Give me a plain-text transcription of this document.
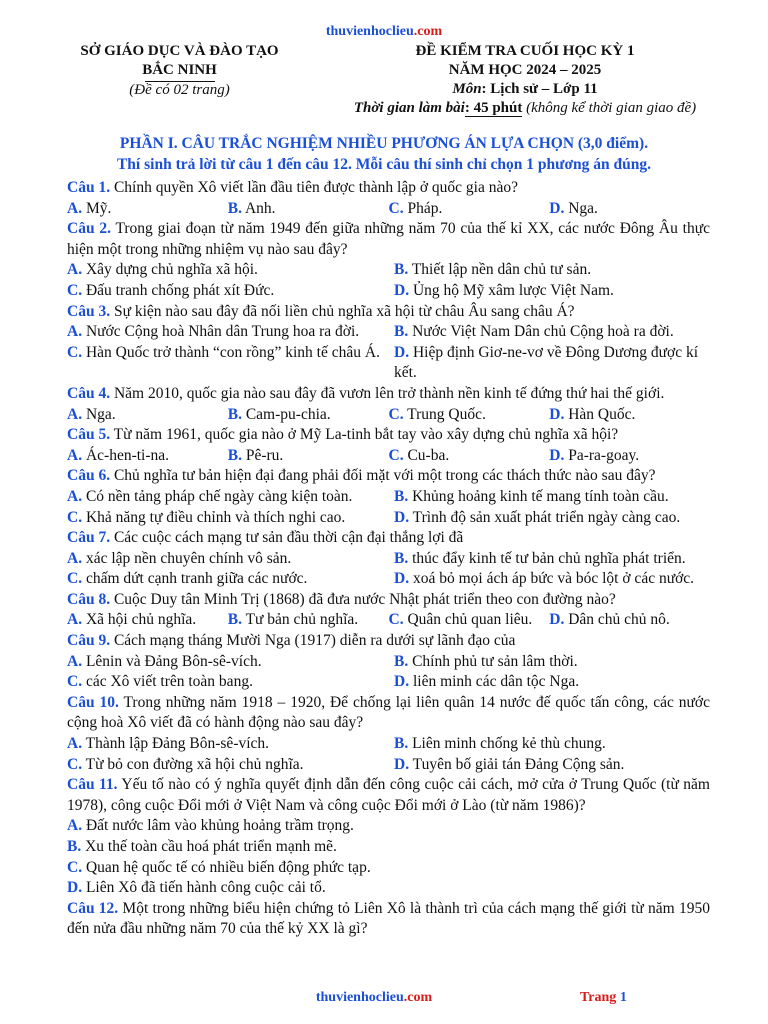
thuvienhoclieu.com
SỞ GIÁO DỤC VÀ ĐÀO TẠO
BẮC NINH
(Đề có 02 trang)
ĐỀ KIỂM TRA CUỐI HỌC KỲ 1
NĂM HỌC 2024 – 2025
Môn: Lịch sử – Lớp 11
Thời gian làm bài: 45 phút (không kể thời gian giao đề)
PHẦN I. CÂU TRẮC NGHIỆM NHIỀU PHƯƠNG ÁN LỰA CHỌN (3,0 điểm).
Thí sinh trả lời từ câu 1 đến câu 12. Mỗi câu thí sinh chỉ chọn 1 phương án đúng.
Câu 1. Chính quyền Xô viết lần đầu tiên được thành lập ở quốc gia nào?
A. Mỹ.	B. Anh.	C. Pháp.	D. Nga.
Câu 2. Trong giai đoạn từ năm 1949 đến giữa những năm 70 của thế kỉ XX, các nước Đông Âu thực hiện một trong những nhiệm vụ nào sau đây?
A. Xây dựng chủ nghĩa xã hội.	B. Thiết lập nền dân chủ tư sản.
C. Đấu tranh chống phát xít Đức.	D. Ủng hộ Mỹ xâm lược Việt Nam.
Câu 3. Sự kiện nào sau đây đã nối liền chủ nghĩa xã hội từ châu Âu sang châu Á?
A. Nước Cộng hoà Nhân dân Trung hoa ra đời.	B. Nước Việt Nam Dân chủ Cộng hoà ra đời.
C. Hàn Quốc trở thành “con rồng” kinh tế châu Á. D. Hiệp định Giơ-ne-vơ về Đông Dương được kí kết.
Câu 4. Năm 2010, quốc gia nào sau đây đã vươn lên trở thành nền kinh tế đứng thứ hai thế giới.
A. Nga.	B. Cam-pu-chia.	C. Trung Quốc.	D. Hàn Quốc.
Câu 5. Từ năm 1961, quốc gia nào ở Mỹ La-tinh bắt tay vào xây dựng chủ nghĩa xã hội?
A. Ác-hen-ti-na.	B. Pê-ru.	C. Cu-ba.	D. Pa-ra-goay.
Câu 6. Chủ nghĩa tư bản hiện đại đang phải đối mặt với một trong các thách thức nào sau đây?
A. Có nền tảng pháp chế ngày càng kiện toàn.	B. Khủng hoảng kinh tế mang tính toàn cầu.
C. Khả năng tự điều chỉnh và thích nghi cao.	D. Trình độ sản xuất phát triển ngày càng cao.
Câu 7. Các cuộc cách mạng tư sản đầu thời cận đại thắng lợi đã
A. xác lập nền chuyên chính vô sản.	B. thúc đẩy kinh tế tư bản chủ nghĩa phát triển.
C. chấm dứt cạnh tranh giữa các nước.	D. xoá bỏ mọi ách áp bức và bóc lột ở các nước.
Câu 8. Cuộc Duy tân Minh Trị (1868) đã đưa nước Nhật phát triển theo con đường nào?
A. Xã hội chủ nghĩa.	B. Tư bản chủ nghĩa.	C. Quân chủ quan liêu.	D. Dân chủ chủ nô.
Câu 9. Cách mạng tháng Mười Nga (1917) diễn ra dưới sự lãnh đạo của
A. Lênin và Đảng Bôn-sê-vích.	B. Chính phủ tư sản lâm thời.
C. các Xô viết trên toàn bang.	D. liên minh các dân tộc Nga.
Câu 10. Trong những năm 1918 – 1920, Để chống lại liên quân 14 nước đế quốc tấn công, các nước cộng hoà Xô viết đã có hành động nào sau đây?
A. Thành lập Đảng Bôn-sê-vích.	B. Liên minh chống kẻ thù chung.
C. Từ bỏ con đường xã hội chủ nghĩa.	D. Tuyên bố giải tán Đảng Cộng sản.
Câu 11. Yếu tố nào có ý nghĩa quyết định dẫn đến công cuộc cải cách, mở cửa ở Trung Quốc (từ năm 1978), công cuộc Đổi mới ở Việt Nam và công cuộc Đổi mới ở Lào (từ năm 1986)?
A. Đất nước lâm vào khủng hoảng trầm trọng.
B. Xu thế toàn cầu hoá phát triển mạnh mẽ.
C. Quan hệ quốc tế có nhiều biến động phức tạp.
D. Liên Xô đã tiến hành công cuộc cải tổ.
Câu 12. Một trong những biểu hiện chứng tỏ Liên Xô là thành trì của cách mạng thế giới từ năm 1950 đến nửa đầu những năm 70 của thế kỷ XX là gì?
thuvienhoclieu.com	Trang 1
